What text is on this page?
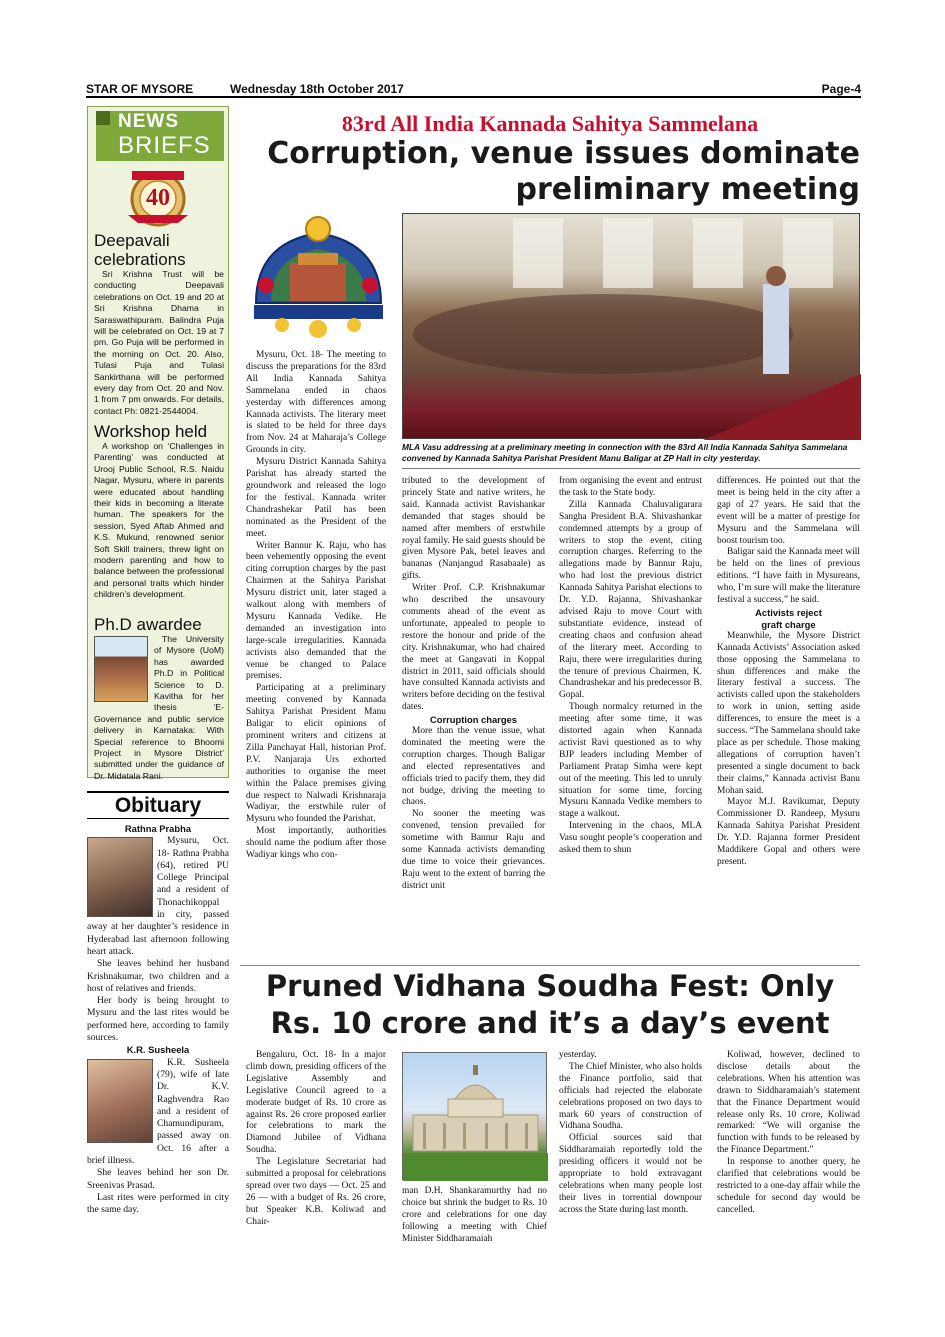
STAR OF MYSORE	Wednesday 18th October 2017	Page-4
NEWS
BRIEFS
40
Deepavali celebrations

Sri Krishna Trust will be conducting Deepavali celebrations on Oct. 19 and 20 at Sri Krishna Dhama in Saraswathipuram. Balindra Puja will be celebrated on Oct. 19 at 7 pm. Go Puja will be performed in the morning on Oct. 20. Also, Tulasi Puja and Tulasi Sankirthana will be performed every day from Oct. 20 and Nov. 1 from 7 pm onwards. For details, contact Ph: 0821-2544004.

Workshop held

A workshop on ‘Challenges in Parenting’ was conducted at Urooj Public School, R.S. Naidu Nagar, Mysuru, where in parents were educated about handling their kids in becoming a literate human. The speakers for the session, Syed Aftab Ahmed and K.S. Mukund, renowned senior Soft Skill trainers, threw light on modern parenting and how to balance between the professional and personal traits which hinder children’s development.

Ph.D awardee

The University of Mysore (UoM) has awarded Ph.D in Political Science to D. Kavitha for her thesis ‘E-Governance and public service delivery in Karnataka: With Special reference to Bhoomi Project in Mysore District’ submitted under the guidance of Dr. Midatala Rani.

Obituary

Rathna Prabha

Mysuru, Oct. 18- Rathna Prabha (64), retired PU College Principal and a resident of Thonachikoppal in city, passed away at her daughter’s residence in Hyderabad last afternoon following heart attack.

She leaves behind her husband Krishnakumar, two children and a host of relatives and friends.

Her body is being brought to Mysuru and the last rites would be performed here, according to family sources.

K.R. Susheela

K.R. Susheela (79), wife of late Dr. K.V. Raghvendra Rao and a resident of Chamundipuram, passed away on Oct. 16 after a brief illness.

She leaves behind her son Dr. Sreenivas Prasad.

Last rites were performed in city the same day.

83rd All India Kannada Sahitya Sammelana
Corruption, venue issues dominate
preliminary meeting
MLA Vasu addressing at a preliminary meeting in connection with the 83rd All India Kannada Sahitya Sammelana convened by Kannada Sahitya Parishat President Manu Baligar at ZP Hall in city yesterday.

Mysuru, Oct. 18- The meeting to discuss the preparations for the 83rd All India Kannada Sahitya Sammelana ended in chaos yesterday with differences among Kannada activists. The literary meet is slated to be held for three days from Nov. 24 at Maharaja’s College Grounds in city.

Mysuru District Kannada Sahitya Parishat has already started the groundwork and released the logo for the festival. Kannada writer Chandrashekar Patil has been nominated as the President of the meet.

Writer Bannur K. Raju, who has been vehemently opposing the event citing corruption charges by the past Chairmen at the Sahitya Parishat Mysuru district unit, later staged a walkout along with members of Mysuru Kannada Vedike. He demanded an investigation into large-scale irregularities. Kannada activists also demanded that the venue be changed to Palace premises.

Participating at a preliminary meeting convened by Kannada Sahitya Parishat President Manu Baligar to elicit opinions of prominent writers and citizens at Zilla Panchayat Hall, historian Prof. P.V. Nanjaraja Urs exhorted authorities to organise the meet within the Palace premises giving due respect to Nalwadi Krishnaraja Wadiyar, the erstwhile ruler of Mysuru who founded the Parishat.

Most importantly, authorities should name the podium after those Wadiyar kings who con-

tributed to the development of princely State and native writers, he said. Kannada activist Ravishankar demanded that stages should be named after members of erstwhile royal family. He said guests should be given Mysore Pak, betel leaves and bananas (Nanjangud Rasabaale) as gifts.

Writer Prof. C.P. Krishnakumar who described the unsavoury comments ahead of the event as unfortunate, appealed to people to restore the honour and pride of the city. Krishnakumar, who had chaired the meet at Gangavati in Koppal district in 2011, said officials should have consulted Kannada activists and writers before deciding on the festival dates.

Corruption charges

More than the venue issue, what dominated the meeting were the corruption charges. Though Baligar and elected representatives and officials tried to pacify them, they did not budge, driving the meeting to chaos.

No sooner the meeting was convened, tension prevailed for sometime with Bannur Raju and some Kannada activists demanding due time to voice their grievances. Raju went to the extent of barring the district unit

from organising the event and entrust the task to the State body.

Zilla Kannada Chaluvaligarara Sangha President B.A. Shivashankar condemned attempts by a group of writers to stop the event, citing corruption charges. Referring to the allegations made by Bannur Raju, who had lost the previous district Kannada Sahitya Parishat elections to Dr. Y.D. Rajanna, Shivashankar advised Raju to move Court with substantiate evidence, instead of creating chaos and confusion ahead of the literary meet. According to Raju, there were irregularities during the tenure of previous Chairmen, K. Chandrashekar and his predecessor B. Gopal.

Though normalcy returned in the meeting after some time, it was distorted again when Kannada activist Ravi questioned as to why BJP leaders including Member of Parliament Pratap Simha were kept out of the meeting. This led to unruly situation for some time, forcing Mysuru Kannada Vedike members to stage a walkout.

Intervening in the chaos, MLA Vasu sought people’s cooperation and asked them to shun

differences. He pointed out that the meet is being held in the city after a gap of 27 years. He said that the event will be a matter of prestige for Mysuru and the Sammelana will boost tourism too.

Baligar said the Kannada meet will be held on the lines of previous editions. “I have faith in Mysureans, who, I’m sure will make the literature festival a success,” he said.

Activists reject

graft charge

Meanwhile, the Mysore District Kannada Activists’ Association asked those opposing the Sammelana to shun differences and make the literary festival a success. The activists called upon the stakeholders to work in union, setting aside differences, to ensure the meet is a success. “The Sammelana should take place as per schedule. Those making allegations of corruption haven’t presented a single document to back their claims,” Kannada activist Banu Mohan said.

Mayor M.J. Ravikumar, Deputy Commissioner D. Randeep, Mysuru Kannada Sahitya Parishat President Dr. Y.D. Rajanna former President Maddikere Gopal and others were present.

Pruned Vidhana Soudha Fest: Only
Rs. 10 crore and it’s a day’s event

Bengaluru, Oct. 18- In a major climb down, presiding officers of the Legislative Assembly and Legislative Council agreed to a moderate budget of Rs. 10 crore as against Rs. 26 crore proposed earlier for celebrations to mark the Diamond Jubilee of Vidhana Soudha.

The Legislature Secretariat had submitted a proposal for celebrations spread over two days — Oct. 25 and 26 — with a budget of Rs. 26 crore, but Speaker K.B. Koliwad and Chair-

man D.H. Shankaramurthy had no choice but shrink the budget to Rs. 10 crore and celebrations for one day following a meeting with Chief Minister Siddharamaiah

yesterday.

The Chief Minister, who also holds the Finance portfolio, said that officials had rejected the elaborate celebrations proposed on two days to mark 60 years of construction of Vidhana Soudha.

Official sources said that Siddharamaiah reportedly told the presiding officers it would not be appropriate to hold extravagant celebrations when many people lost their lives in torrential downpour across the State during last month.

Koliwad, however, declined to disclose details about the celebrations. When his attention was drawn to Siddharamaiah’s statement that the Finance Department would release only Rs. 10 crore, Koliwad remarked: “We will organise the function with funds to be released by the Finance Department.”

In response to another query, he clarified that celebrations would be restricted to a one-day affair while the schedule for second day would be cancelled.
